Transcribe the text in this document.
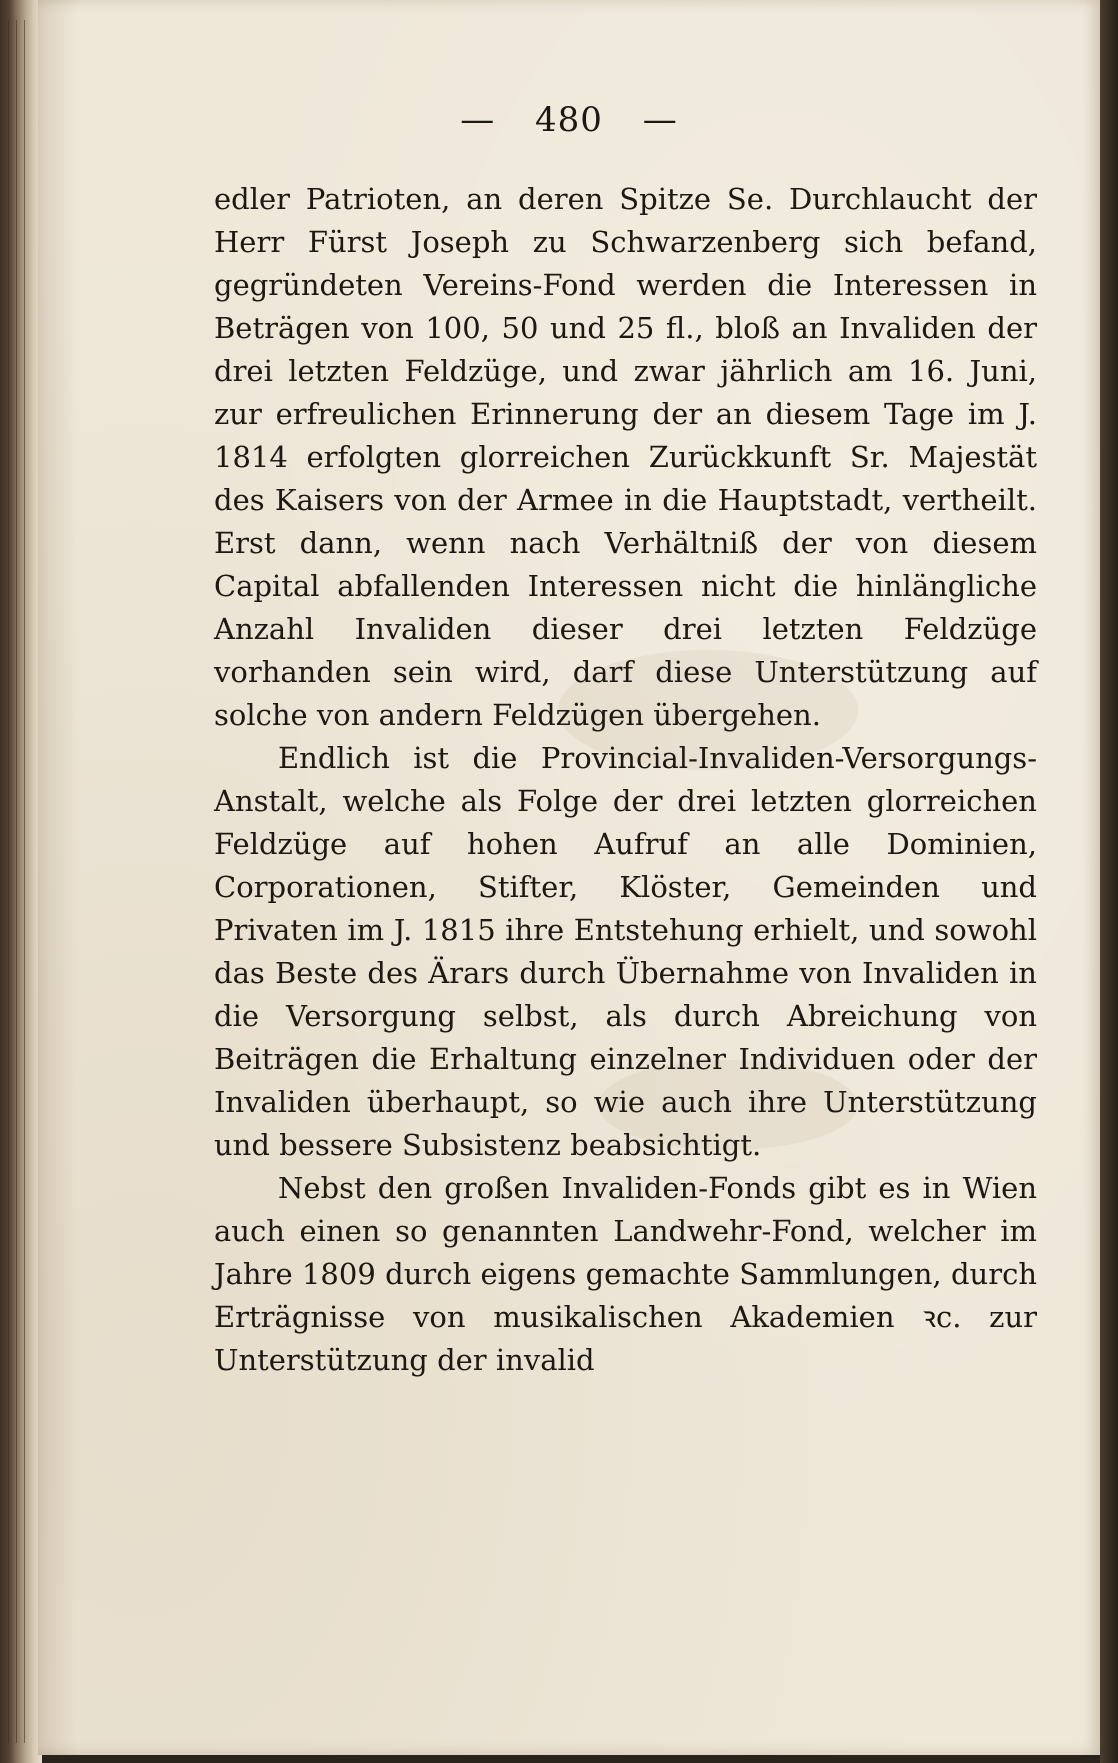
— 480 —

edler Patrioten, an deren Spitze Se. Durchlaucht der Herr Fürst Joseph zu Schwarzenberg sich befand, gegründeten Vereins-Fond werden die Interessen in Beträgen von 100, 50 und 25 fl., bloß an Invaliden der drei letzten Feldzüge, und zwar jährlich am 16. Juni, zur erfreulichen Erinnerung der an diesem Tage im J. 1814 erfolgten glorreichen Zurückkunft Sr. Majestät des Kaisers von der Armee in die Hauptstadt, vertheilt. Erst dann, wenn nach Verhältniß der von diesem Capital abfallenden Interessen nicht die hinlängliche Anzahl Invaliden dieser drei letzten Feldzüge vorhanden sein wird, darf diese Unterstützung auf solche von andern Feldzügen übergehen.

Endlich ist die Provincial-Invaliden-Versorgungs-Anstalt, welche als Folge der drei letzten glorreichen Feldzüge auf hohen Aufruf an alle Dominien, Corporationen, Stifter, Klöster, Gemeinden und Privaten im J. 1815 ihre Entstehung erhielt, und sowohl das Beste des Ärars durch Übernahme von Invaliden in die Versorgung selbst, als durch Abreichung von Beiträgen die Erhaltung einzelner Individuen oder der Invaliden überhaupt, so wie auch ihre Unterstützung und bessere Subsistenz beabsichtigt.

Nebst den großen Invaliden-Fonds gibt es in Wien auch einen so genannten Landwehr-Fond, welcher im Jahre 1809 durch eigens gemachte Sammlungen, durch Erträgnisse von musikalischen Akademien ꝛc. zur Unterstützung der invalid
